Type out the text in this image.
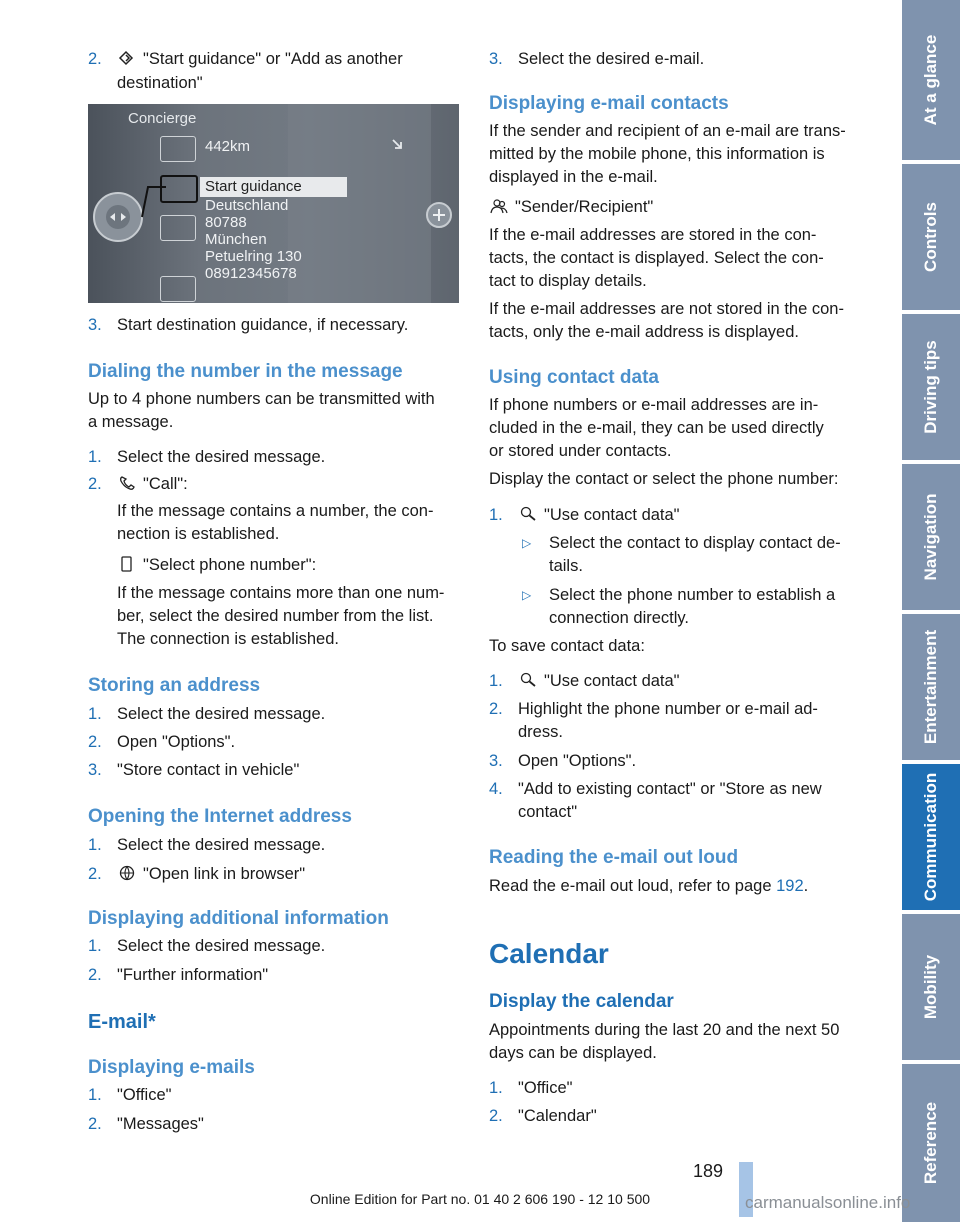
2.	"Start guidance" or "Add as another
destination"
Concierge
442km
Start guidance
Deutschland
80788
München
Petuelring 130
08912345678
3. Start destination guidance, if necessary.
Dialing the number in the message
Up to 4 phone numbers can be transmitted with
a message.
1. Select the desired message.
2.	"Call":
If the message contains a number, the con-
nection is established.
"Select phone number":
If the message contains more than one num-
ber, select the desired number from the list.
The connection is established.
Storing an address
1. Select the desired message.
2. Open "Options".
3. "Store contact in vehicle"
Opening the Internet address
1. Select the desired message.
2.	"Open link in browser"
Displaying additional information
1. Select the desired message.
2. "Further information"
E-mail*
Displaying e-mails
1. "Office"
2. "Messages"
3. Select the desired e-mail.
Displaying e-mail contacts
If the sender and recipient of an e-mail are trans-
mitted by the mobile phone, this information is
displayed in the e-mail.
"Sender/Recipient"
If the e-mail addresses are stored in the con-
tacts, the contact is displayed. Select the con-
tact to display details.
If the e-mail addresses are not stored in the con-
tacts, only the e-mail address is displayed.
Using contact data
If phone numbers or e-mail addresses are in-
cluded in the e-mail, they can be used directly
or stored under contacts.
Display the contact or select the phone number:
1.	"Use contact data"
▷ Select the contact to display contact de-
tails.
▷ Select the phone number to establish a
connection directly.
To save contact data:
1.	"Use contact data"
2. Highlight the phone number or e-mail ad-
dress.
3. Open "Options".
4. "Add to existing contact" or "Store as new
contact"
Reading the e-mail out loud
Read the e-mail out loud, refer to page 192.
Calendar
Display the calendar
Appointments during the last 20 and the next 50
days can be displayed.
1. "Office"
2. "Calendar"
At a glance
Controls
Driving tips
Navigation
Entertainment
Communication
Mobility
Reference
189
Online Edition for Part no. 01 40 2 606 190 - 12 10 500	carmanualsonline.info
